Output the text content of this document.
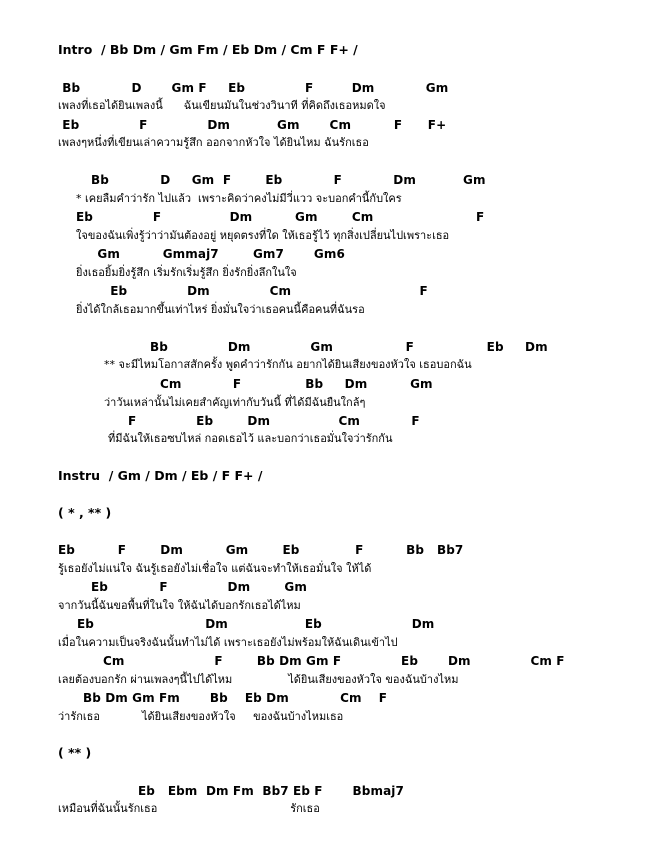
Intro  / Bb Dm / Gm Fm / Eb Dm / Cm F F+ /
Bb            D       Gm F     Eb              F         Dm            Gm
เพลงที่เธอได้ยินเพลงนี้      ฉันเขียนมันในช่วงวินาที ที่คิดถึงเธอหมดใจ
Eb              F              Dm           Gm       Cm          F      F+
เพลงๆหนึ่งที่เขียนเล่าความรู้สึก ออกจากหัวใจ ได้ยินไหม ฉันรักเธอ
Bb            D     Gm  F        Eb            F            Dm           Gm
* เคยลืมคำว่ารัก ไปแล้ว  เพราะคิดว่าคงไม่มีวี่แวว จะบอกคำนี้กับใคร
Eb              F                Dm          Gm        Cm                        F
ใจของฉันเพิ่งรู้ว่าว่ามันต้องอยู่ หยุดตรงที่ใด ให้เธอรู้ไว้ ทุกสิ่งเปลี่ยนไปเพราะเธอ
Gm          Gmmaj7        Gm7       Gm6
ยิ่งเธอยิ้มยิ่งรู้สึก เริ่มรักเริ่มรู้สึก ยิ่งรักยิ่งลึกในใจ
Eb              Dm              Cm                              F
ยิ่งได้ใกล้เธอมากขึ้นเท่าไหร่ ยิ่งมั่นใจว่าเธอคนนี้คือคนที่ฉันรอ
Bb              Dm              Gm                 F                 Eb     Dm
** จะมีไหมโอกาสสักครั้ง พูดคำว่ารักกัน อยากได้ยินเสียงของหัวใจ เธอบอกฉัน
Cm            F               Bb     Dm          Gm
ว่าวันเหล่านั้นไม่เคยสำคัญเท่ากับวันนี้ ที่ได้มีฉันยืนใกล้ๆ
F              Eb        Dm                Cm            F
ที่มีฉันให้เธอซบไหล่ กอดเธอไว้ และบอกว่าเธอมั่นใจว่ารักกัน
Instru  / Gm / Dm / Eb / F F+ /
( * , ** )
Eb          F        Dm          Gm        Eb             F          Bb   Bb7
รู้เธอยังไม่แน่ใจ ฉันรู้เธอยังไม่เชื่อใจ แต่ฉันจะทำให้เธอมั่นใจ ให้ได้
Eb            F              Dm        Gm
จากวันนี้ฉันขอพื้นที่ในใจ ให้ฉันได้บอกรักเธอได้ไหม
Eb                          Dm                  Eb                     Dm
เมื่อในความเป็นจริงฉันนั้นทำไม่ได้ เพราะเธอยังไม่พร้อมให้ฉันเดินเข้าไป
Cm                     F        Bb Dm Gm F              Eb       Dm              Cm F
เลยต้องบอกรัก ผ่านเพลงๆนี้ไปได้ไหม                ได้ยินเสียงของหัวใจ ของฉันบ้างไหม
Bb Dm Gm Fm       Bb    Eb Dm            Cm    F
ว่ารักเธอ            ได้ยินเสียงของหัวใจ     ของฉันบ้างไหมเธอ
( ** )
Eb   Ebm  Dm Fm  Bb7 Eb F       Bbmaj7
เหมือนที่ฉันนั้นรักเธอ                                      รักเธอ
